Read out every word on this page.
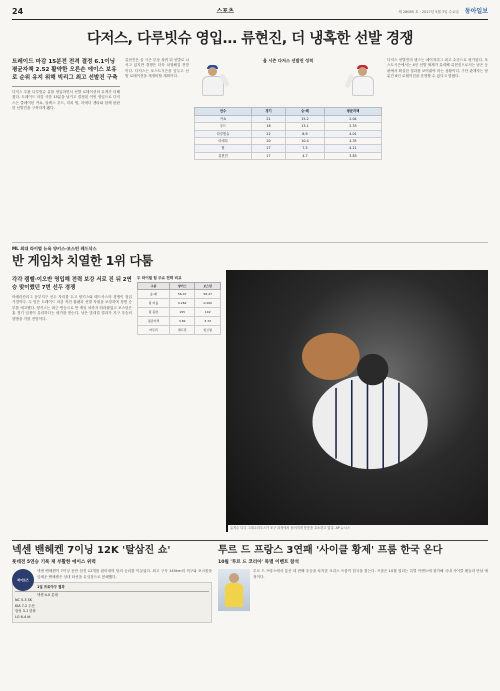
24	스포츠	제 28085 호 · 2017년 5월 3일 수요일 동아일보
다저스, 다루빗슈 영입… 류현진, 더 냉혹한 선발 경쟁
트레이드 마감 15분전 전격 결정 6.1이닝 평균자책 2.52 활약한 오른손 에이스 보유로 순위 유지 위해 빅리그 최고 선발진 구축
다저스 우완 다루빗슈 유를 영입하면서 선발 로테이션의 무게가 더해졌다. 트레이드 마감 시한 15분을 남기고 결정된 이번 영입으로 다저스는 클레이턴 커쇼, 알렉스 우드, 리치 힐, 마에다 겐타와 함께 탄탄한 선발진을 구축하게 됐다.
류현진은 올 시즌 부상 복귀 뒤 선발로 나서고 있지만 경쟁은 더욱 치열해질 전망이다. 다저스는 포스트시즌을 앞두고 선발 로테이션을 재정비할 계획이다.
올 시즌 다저스 선발진 성적
선수	경기	승-패	평균자책
커쇼	21	15-2	2.04
우드	18	13-1	2.33
다루빗슈	22	6-9	4.01
마에다	20	10-4	4.35
힐	17	7-5	4.11
류현진	17	4-7	3.83
다저스 선발진의 뎁스는 메이저리그 최고 수준으로 평가된다. 포스트시즌에서는 4인 선발 체제가 유력해 류현진으로서는 남은 등판에서 확실한 결과를 보여줘야 하는 상황이다. 구단 관계자는 당분간 6인 로테이션을 운영할 수 있다고 밝혔다.
ML 최대 라이벌 뉴욕 양키스-보스턴 레드삭스
반 게임차 치열한 1위 다툼
각각 캠벨·이오반 영입해 전력 보강 서로 진 뒤 2연승 맞이했던 7번 선두 경쟁
아메리칸리그 동부지구 선두 자리를 두고 양키스와 레드삭스의 경쟁이 점입가경이다. 두 팀은 트레이드 마감 직전 불펜과 선발 자원을 보강하며 정면 승부를 예고했다. 양키스는 최근 연승으로 반 게임 차까지 따라붙었고 보스턴은 홈 경기 일정이 유리하다는 평가를 받는다. 남은 맞대결 결과가 지구 우승의 향방을 가를 전망이다.
두 라이벌 팀 주요 전력 비교
구분	양키스	보스턴
승-패	56-47	58-47
팀 타율	0.262	0.260
팀 홈런	155	102
평균자책	3.82	3.72
마무리	채프먼	킴브럴
유격수 디디 그레고리우스가 포구 과정에서 넘어지며 통증을 호소하고 있다. AP 뉴시스
넥센 밴헤켄 7이닝 12K '탈삼진 쇼'
롯데전 5연승 기록 재 부활한 에이스 위력
히어로즈
넥센 밴헤켄이 7이닝 동안 삼진 12개를 잡아내며 팀의 승리를 이끌었다. 최고 구속 145km의 직구와 포크볼을 앞세운 밴헤켄은 상대 타선을 무실점으로 봉쇄했다.
1일 프로야구 결과
넥센 4-0 롯데
NC 5-3 SK
KIA 7-2 두산
삼성 3-1 한화
LG 6-4 kt
투르 드 프랑스 3연패 '사이클 황제' 프룸 한국 온다
10월 '투르 드 코리아' 특별 이벤트 참석
투르 드 프랑스에서 통산 네 번째 우승을 차지한 크리스 프룸이 한국을 찾는다. 프룸은 10월 열리는 특별 이벤트에 참가해 국내 사이클 팬들과 만날 예정이다.
